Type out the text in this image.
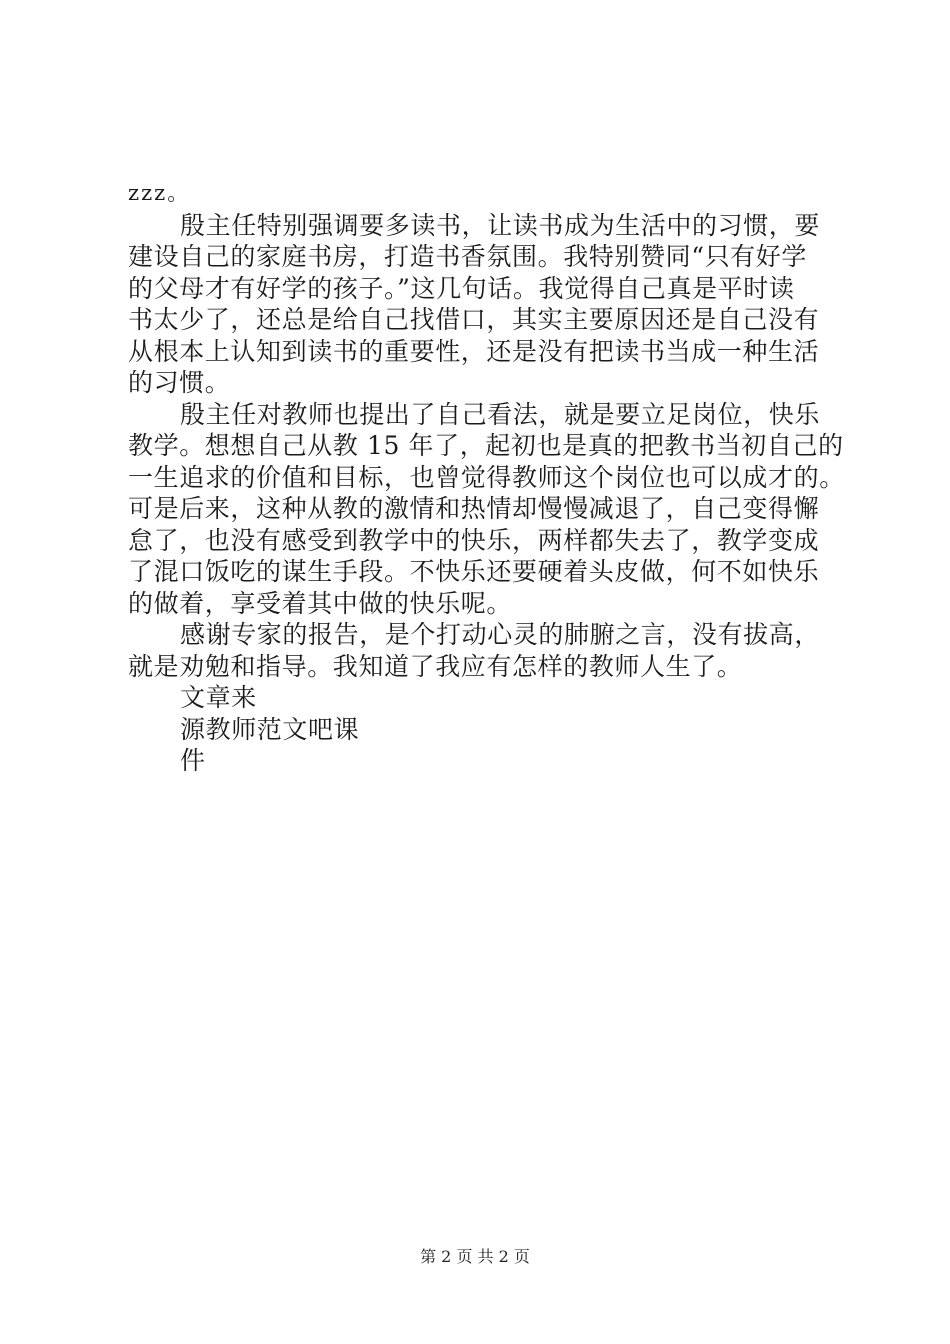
zzz。
殷主任特别强调要多读书，让读书成为生活中的习惯，要
建设自己的家庭书房，打造书香氛围。我特别赞同“只有好学
的父母才有好学的孩子。”这几句话。我觉得自己真是平时读
书太少了，还总是给自己找借口，其实主要原因还是自己没有
从根本上认知到读书的重要性，还是没有把读书当成一种生活
的习惯。
殷主任对教师也提出了自己看法，就是要立足岗位，快乐
教学。想想自己从教 15 年了，起初也是真的把教书当初自己的
一生追求的价值和目标，也曾觉得教师这个岗位也可以成才的。
可是后来，这种从教的激情和热情却慢慢减退了，自己变得懈
怠了，也没有感受到教学中的快乐，两样都失去了，教学变成
了混口饭吃的谋生手段。不快乐还要硬着头皮做，何不如快乐
的做着，享受着其中做的快乐呢。
感谢专家的报告，是个打动心灵的肺腑之言，没有拔高，
就是劝勉和指导。我知道了我应有怎样的教师人生了。
文章来
源教师范文吧课
件
第 2 页 共 2 页
